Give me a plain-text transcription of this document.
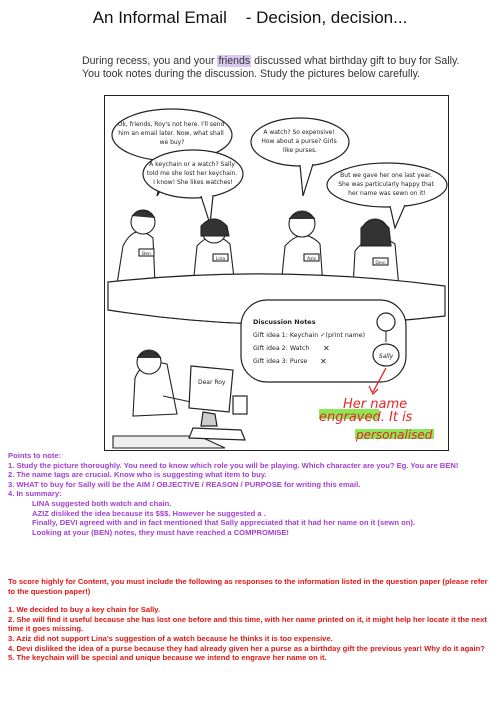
An Informal Email    - Decision, decision...
During recess, you and your friends discussed what birthday gift to buy for Sally. You took notes during the discussion. Study the pictures below carefully.
Ok, friends, Roy's not here. I'll send him an email later. Now, what shall we buy?
A keychain or a watch? Sally told me she lost her keychain. I know! She likes watches!
A watch? So expensive! How about a purse? Girls like purses.
But we gave her one last year. She was particularly happy that her name was sewn on it!
Ben
Lina	Aziz
Devi
Discussion Notes
Gift idea 1: Keychain ✓(print name)
Gift idea 2: Watch
Gift idea 3: Purse
✕
✕
Sally
Her name
engraved. It is
personalised
Dear Roy

Points to note:

1. Study the picture thoroughly. You need to know which role you will be playing. Which character are you? Eg. You are BEN!

2. The name tags are crucial. Know who is suggesting what item to buy.

3. WHAT to buy for Sally will be the AIM / OBJECTIVE / REASON / PURPOSE for writing this email.

4. In summary:

LINA suggested both watch and chain.

AZIZ disliked the idea because its $$$. However he suggested a .

Finally, DEVI agreed with and in fact mentioned that Sally appreciated that it had her name on it (sewn on).

Looking at your (BEN) notes, they must have reached a COMPROMISE!

To score highly for Content, you must include the following as responses to the information listed in the question paper (please refer to the question paper!)

1. We decided to buy a key chain for Sally.

2. She will find it useful because she has lost one before and this time, with her name printed on it, it might help her locate it the next time it goes missing.

3. Aziz did not support Lina's suggestion of a watch because he thinks it is too expensive.

4. Devi disliked the idea of a purse because they had already given her a purse as a birthday gift the previous year! Why do it again?

5. The keychain will be special and unique because we intend to engrave her name on it.
